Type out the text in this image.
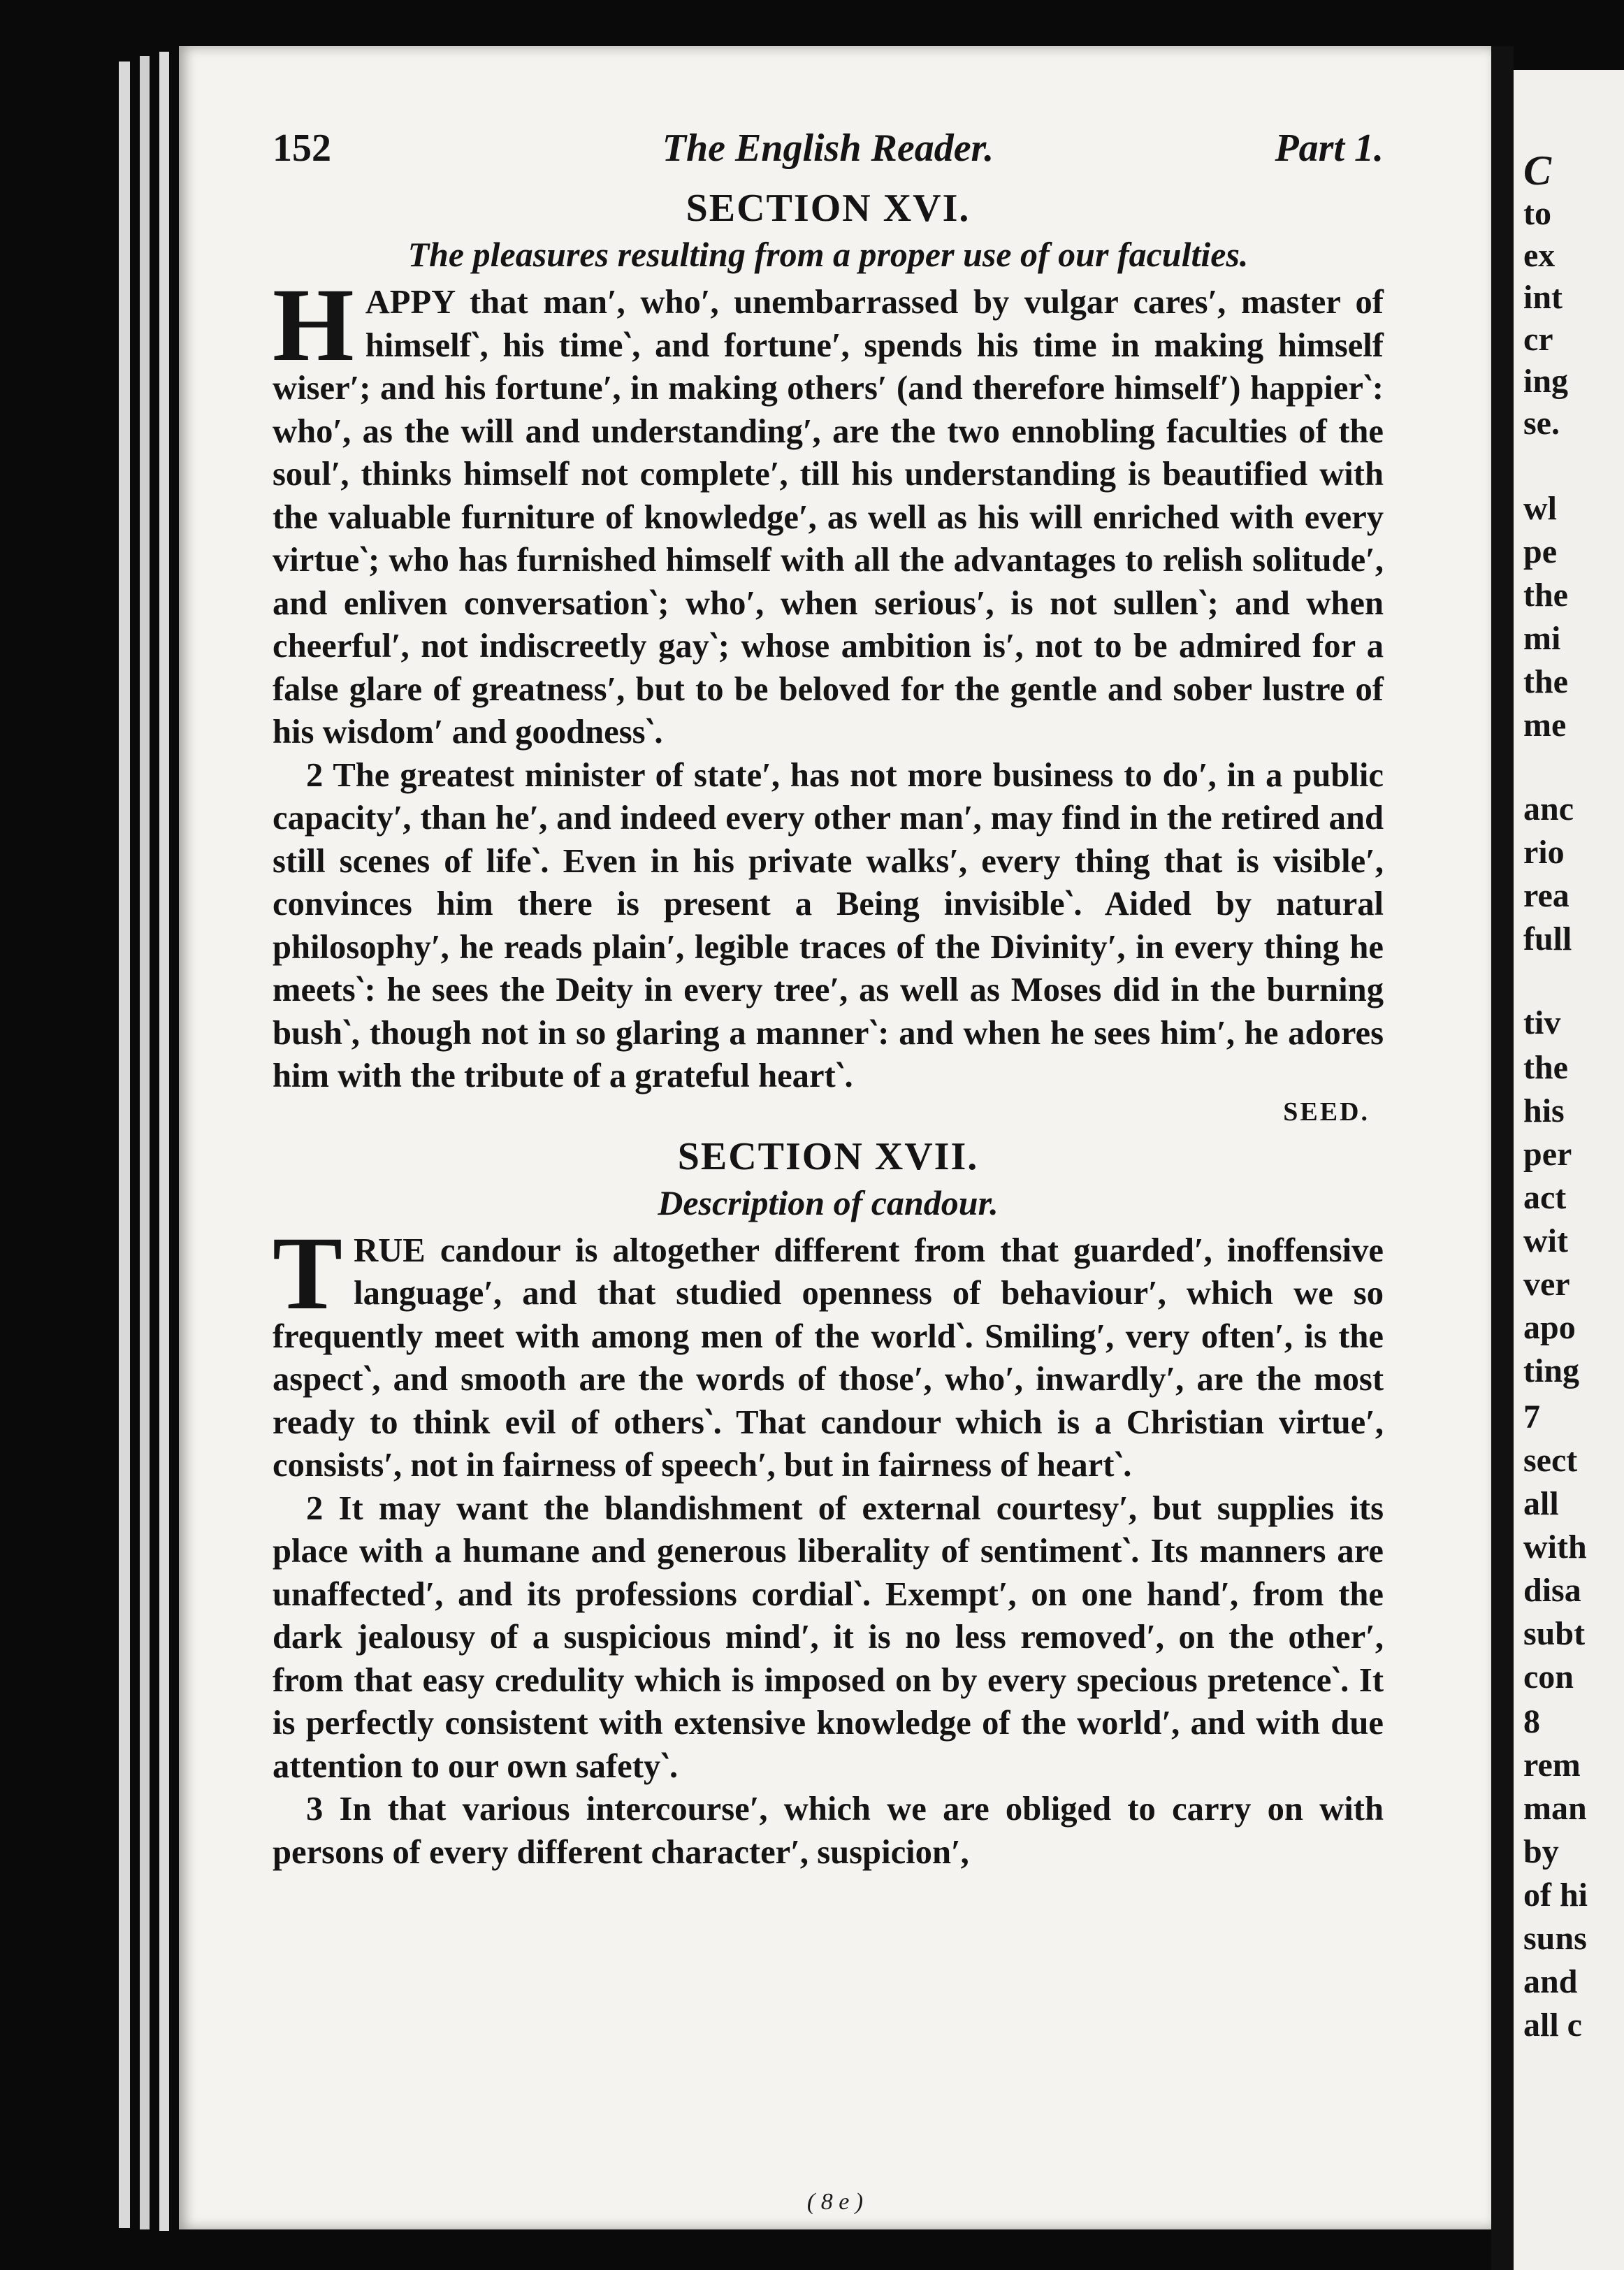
152	The English Reader.	Part 1.
SECTION XVI.

The pleasures resulting from a proper use of our faculties.

HAPPY that man′, who′, unembarrassed by vulgar cares′, master of himself‵, his time‵, and fortune′, spends his time in making himself wiser′; and his fortune′, in making others′ (and therefore himself′) happier‵: who′, as the will and understanding′, are the two ennobling faculties of the soul′, thinks himself not complete′, till his understanding is beautified with the valuable furniture of knowledge′, as well as his will enriched with every virtue‵; who has furnished himself with all the advantages to relish solitude′, and enliven conversation‵; who′, when serious′, is not sullen‵; and when cheerful′, not indiscreetly gay‵; whose ambition is′, not to be admired for a false glare of greatness′, but to be beloved for the gentle and sober lustre of his wisdom′ and goodness‵.

2 The greatest minister of state′, has not more business to do′, in a public capacity′, than he′, and indeed every other man′, may find in the retired and still scenes of life‵. Even in his private walks′, every thing that is visible′, convinces him there is present a Being invisible‵. Aided by natural philosophy′, he reads plain′, legible traces of the Divinity′, in every thing he meets‵: he sees the Deity in every tree′, as well as Moses did in the burning bush‵, though not in so glaring a manner‵: and when he sees him′, he adores him with the tribute of a grateful heart‵.

SEED.
SECTION XVII.

Description of candour.

TRUE candour is altogether different from that guarded′, inoffensive language′, and that studied openness of behaviour′, which we so frequently meet with among men of the world‵. Smiling′, very often′, is the aspect‵, and smooth are the words of those′, who′, inwardly′, are the most ready to think evil of others‵. That candour which is a Christian virtue′, consists′, not in fairness of speech′, but in fairness of heart‵.

2 It may want the blandishment of external courtesy′, but supplies its place with a humane and generous liberality of sentiment‵. Its manners are unaffected′, and its professions cordial‵. Exempt′, on one hand′, from the dark jealousy of a suspicious mind′, it is no less removed′, on the other′, from that easy credulity which is imposed on by every specious pretence‵. It is perfectly consistent with extensive knowledge of the world′, and with due attention to our own safety‵.

3 In that various intercourse′, which we are obliged to carry on with persons of every different character′, suspicion′,

( 8 e )
C
to
ex
int
cr
ing
se.
wl
pe
the
mi
the
me
anc
rio
rea
full
tiv
the
his
per
act
wit
ver
apo
ting
7
sect
all
with
disa
subt
con
8
rem
man
by
of hi
suns
and
all c
